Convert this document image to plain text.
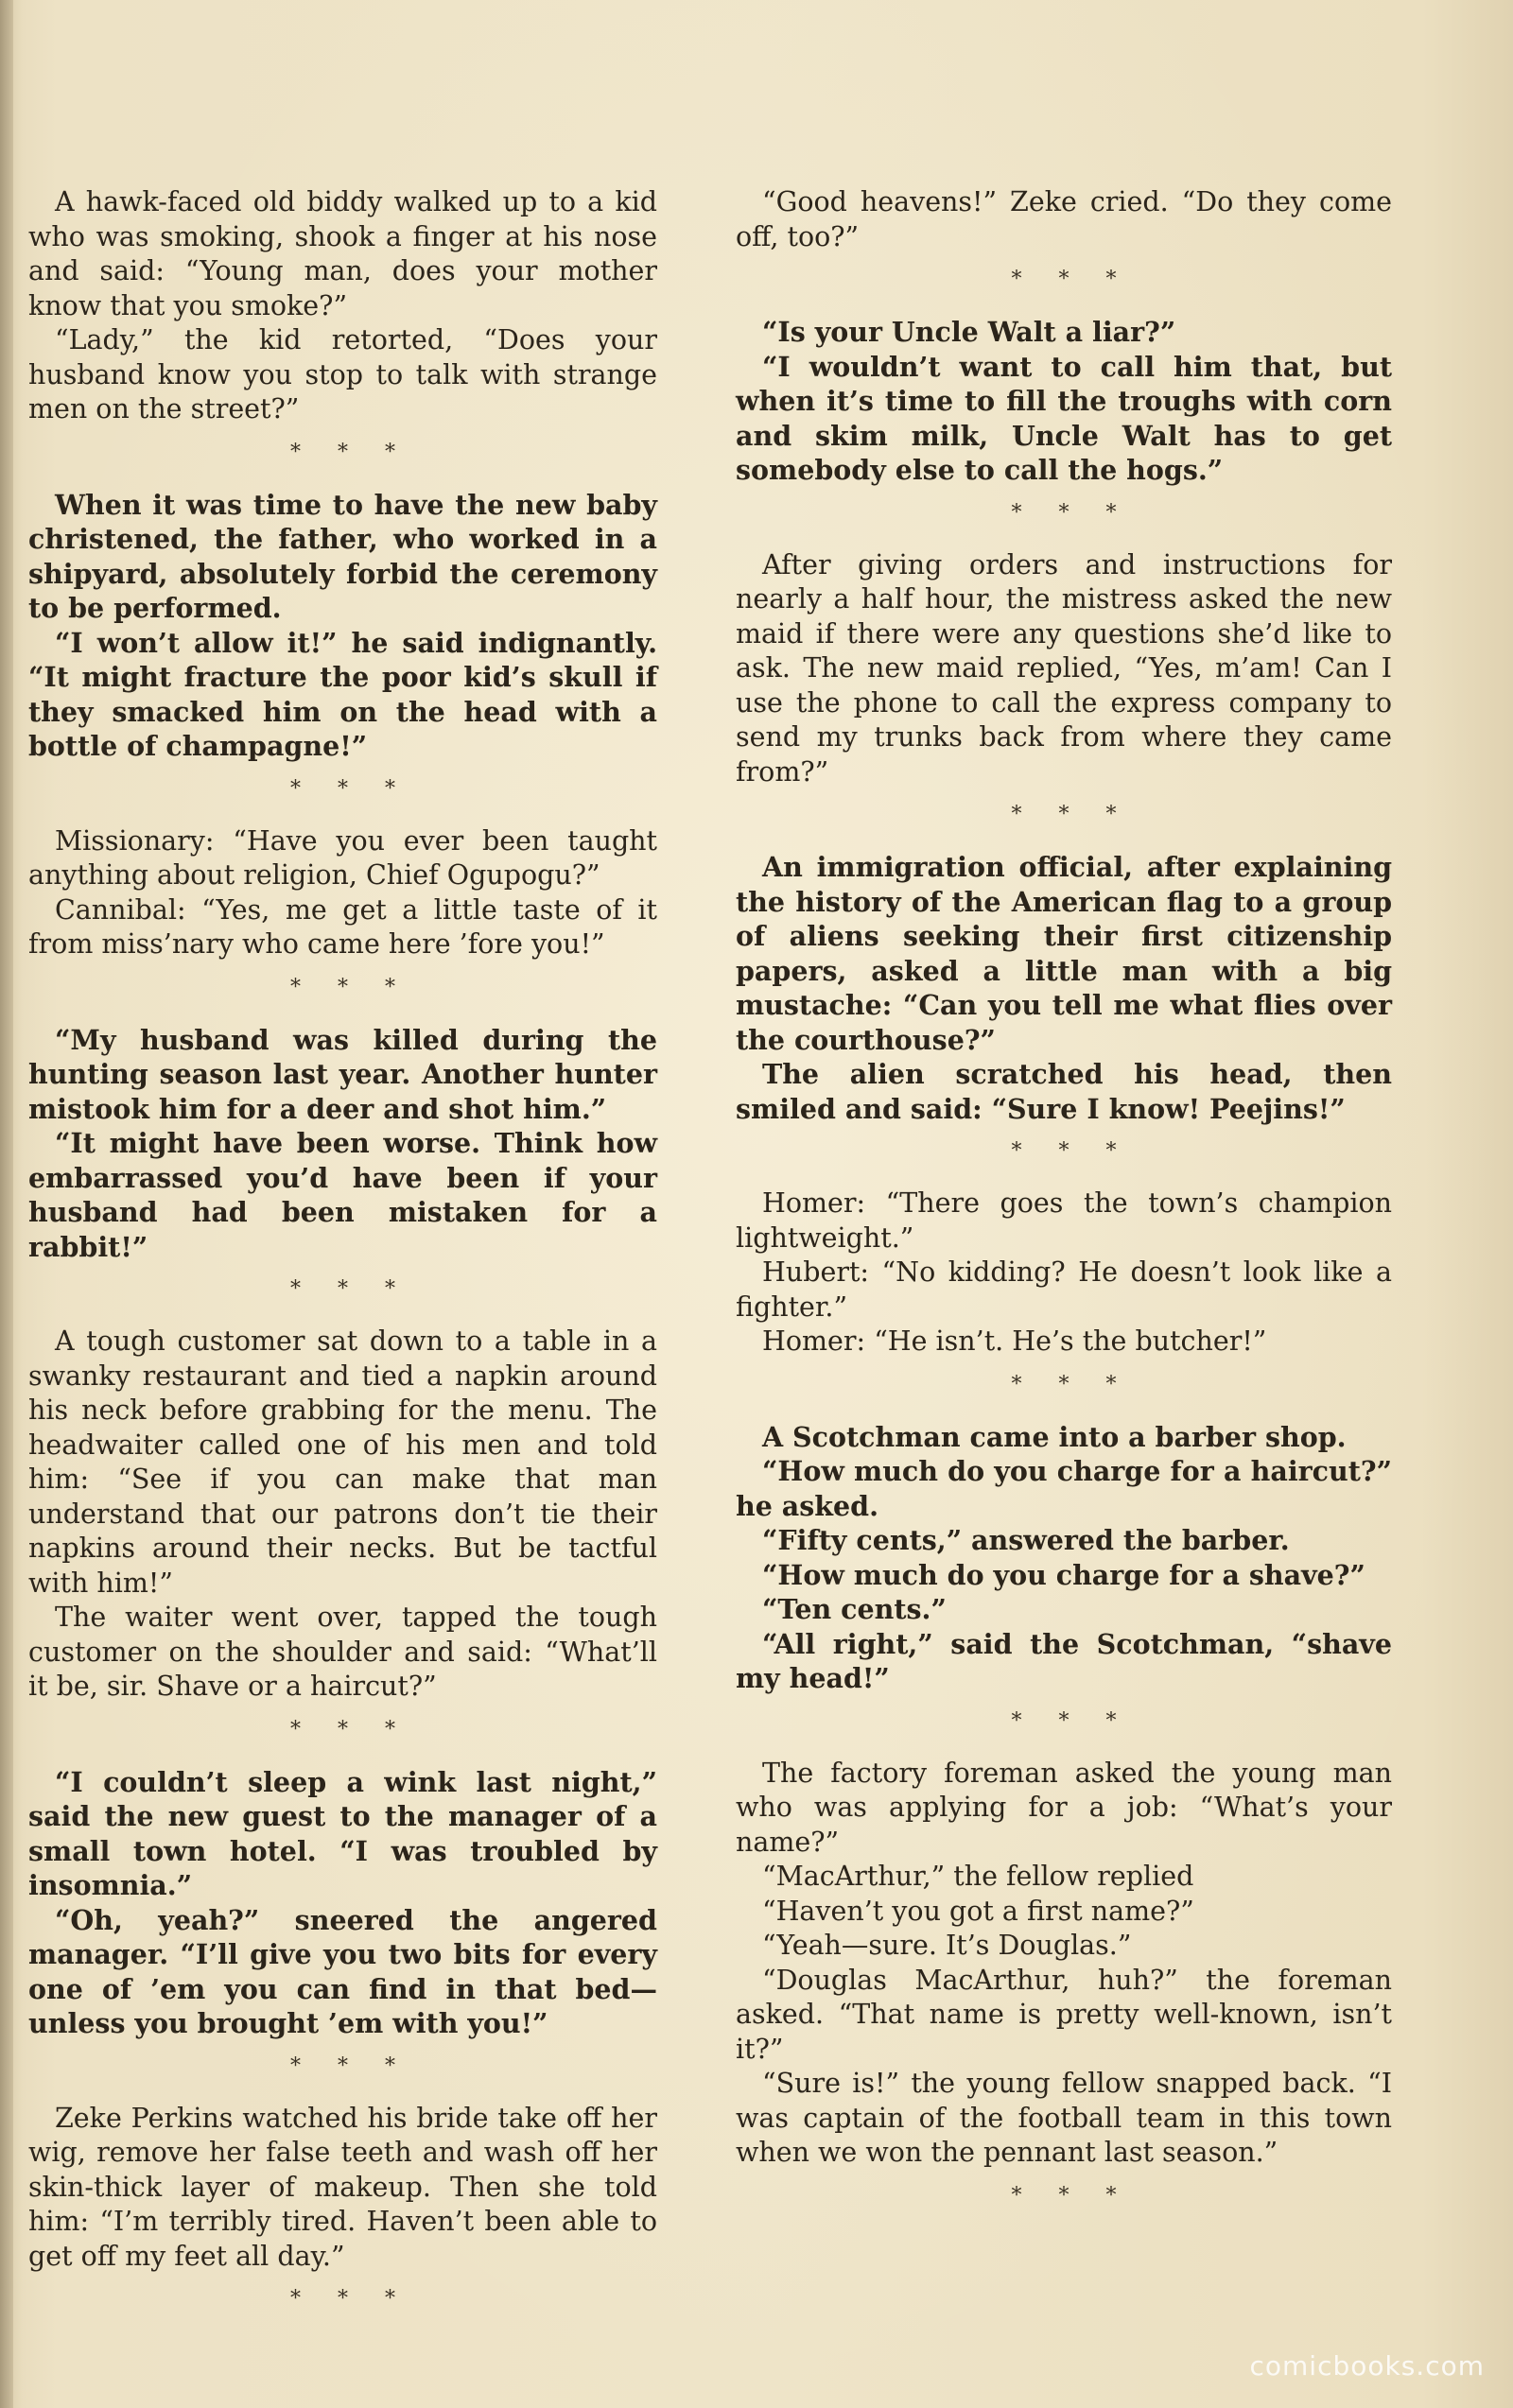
A hawk-faced old biddy walked up to a kid who was smoking, shook a finger at his nose and said: “Young man, does your mother know that you smoke?”

“Lady,” the kid retorted, “Does your husband know you stop to talk with strange men on the street?”

* * *

When it was time to have the new baby christened, the father, who worked in a shipyard, absolutely forbid the ceremony to be performed.

“I won’t allow it!” he said indignantly. “It might fracture the poor kid’s skull if they smacked him on the head with a bottle of champagne!”

* * *

Missionary: “Have you ever been taught anything about religion, Chief Ogupogu?”

Cannibal: “Yes, me get a little taste of it from miss’nary who came here ’fore you!”

* * *

“My husband was killed during the hunting season last year. Another hunter mistook him for a deer and shot him.”

“It might have been worse. Think how embarrassed you’d have been if your husband had been mistaken for a rabbit!”

* * *

A tough customer sat down to a table in a swanky restaurant and tied a napkin around his neck before grabbing for the menu. The headwaiter called one of his men and told him: “See if you can make that man understand that our patrons don’t tie their napkins around their necks. But be tactful with him!”

The waiter went over, tapped the tough customer on the shoulder and said: “What’ll it be, sir. Shave or a haircut?”

* * *

“I couldn’t sleep a wink last night,” said the new guest to the manager of a small town hotel. “I was troubled by insomnia.”

“Oh, yeah?” sneered the angered manager. “I’ll give you two bits for every one of ’em you can find in that bed—unless you brought ’em with you!”

* * *

Zeke Perkins watched his bride take off her wig, remove her false teeth and wash off her skin-thick layer of makeup. Then she told him: “I’m terribly tired. Haven’t been able to get off my feet all day.”

* * *

“Good heavens!” Zeke cried. “Do they come off, too?”

* * *

“Is your Uncle Walt a liar?”

“I wouldn’t want to call him that, but when it’s time to fill the troughs with corn and skim milk, Uncle Walt has to get somebody else to call the hogs.”

* * *

After giving orders and instructions for nearly a half hour, the mistress asked the new maid if there were any questions she’d like to ask. The new maid replied, “Yes, m’am! Can I use the phone to call the express company to send my trunks back from where they came from?”

* * *

An immigration official, after explaining the history of the American flag to a group of aliens seeking their first citizenship papers, asked a little man with a big mustache: “Can you tell me what flies over the courthouse?”

The alien scratched his head, then smiled and said: “Sure I know! Peejins!”

* * *

Homer: “There goes the town’s champion lightweight.”

Hubert: “No kidding? He doesn’t look like a fighter.”

Homer: “He isn’t. He’s the butcher!”

* * *

A Scotchman came into a barber shop.

“How much do you charge for a haircut?” he asked.

“Fifty cents,” answered the barber.

“How much do you charge for a shave?”

“Ten cents.”

“All right,” said the Scotchman, “shave my head!”

* * *

The factory foreman asked the young man who was applying for a job: “What’s your name?”

“MacArthur,” the fellow replied

“Haven’t you got a first name?”

“Yeah—sure. It’s Douglas.”

“Douglas MacArthur, huh?” the foreman asked. “That name is pretty well-known, isn’t it?”

“Sure is!” the young fellow snapped back. “I was captain of the football team in this town when we won the pennant last season.”

* * *
comicbooks.com
